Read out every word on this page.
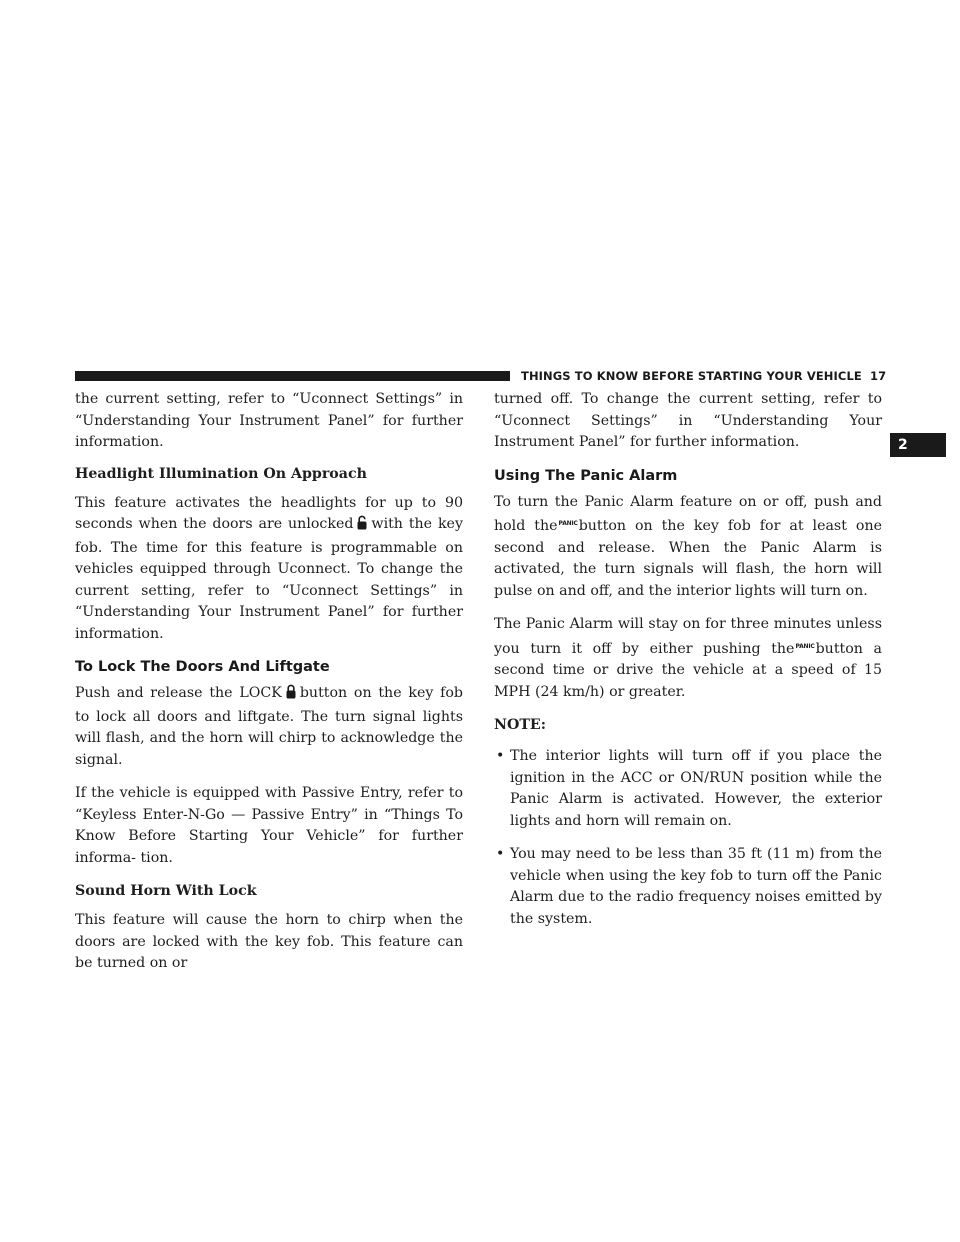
THINGS TO KNOW BEFORE STARTING YOUR VEHICLE 17
2

the current setting, refer to “Uconnect Settings” in “Understanding Your Instrument Panel” for further information.

Headlight Illumination On Approach

This feature activates the headlights for up to 90 seconds when the doors are unlocked with the key fob. The time for this feature is programmable on vehicles equipped through Uconnect. To change the current setting, refer to “Uconnect Settings” in “Understanding Your Instrument Panel” for further information.

To Lock The Doors And Liftgate

Push and release the LOCK button on the key fob to lock all doors and liftgate. The turn signal lights will flash, and the horn will chirp to acknowledge the signal.

If the vehicle is equipped with Passive Entry, refer to “Keyless Enter-N-Go — Passive Entry” in “Things To Know Before Starting Your Vehicle” for further informa- tion.

Sound Horn With Lock

This feature will cause the horn to chirp when the doors are locked with the key fob. This feature can be turned on or

turned off. To change the current setting, refer to “Uconnect Settings” in “Understanding Your Instrument Panel” for further information.

Using The Panic Alarm

To turn the Panic Alarm feature on or off, push and hold thePANICbutton on the key fob for at least one second and release. When the Panic Alarm is activated, the turn signals will flash, the horn will pulse on and off, and the interior lights will turn on.

The Panic Alarm will stay on for three minutes unless you turn it off by either pushing thePANICbutton a second time or drive the vehicle at a speed of 15 MPH (24 km/h) or greater.

NOTE:
• The interior lights will turn off if you place the ignition in the ACC or ON/RUN position while the Panic Alarm is activated. However, the exterior lights and horn will remain on.
• You may need to be less than 35 ft (11 m) from the vehicle when using the key fob to turn off the Panic Alarm due to the radio frequency noises emitted by the system.
